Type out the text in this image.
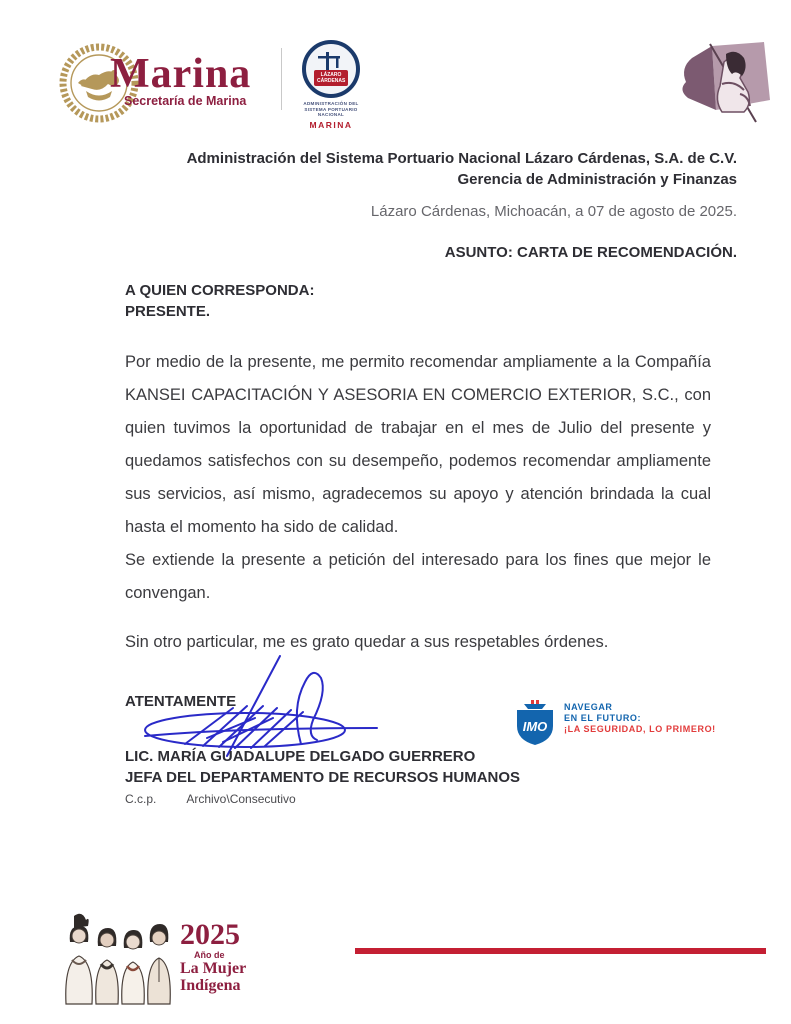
Marina
Secretaría de Marina
LÁZARO CÁRDENAS
ADMINISTRACIÓN DEL SISTEMA PORTUARIO NACIONAL
MARINA
Administración del Sistema Portuario Nacional Lázaro Cárdenas, S.A. de C.V.
Gerencia de Administración y Finanzas
Lázaro Cárdenas, Michoacán, a 07 de agosto de 2025.
ASUNTO: CARTA DE RECOMENDACIÓN.
A QUIEN CORRESPONDA:
PRESENTE.
Por medio de la presente, me permito recomendar ampliamente a la Compañía KANSEI CAPACITACIÓN Y ASESORIA EN COMERCIO EXTERIOR, S.C., con quien tuvimos la oportunidad de trabajar en el mes de Julio del presente y quedamos satisfechos con su desempeño, podemos recomendar ampliamente sus servicios, así mismo, agradecemos su apoyo y atención brindada la cual hasta el momento ha sido de calidad.
Se extiende la presente a petición del interesado para los fines que mejor le convengan.
Sin otro particular, me es grato quedar a sus respetables órdenes.
ATENTAMENTE
IMO
NAVEGAR
EN EL FUTURO:
¡LA SEGURIDAD, LO PRIMERO!
LIC. MARÍA GUADALUPE DELGADO GUERRERO
JEFA DEL DEPARTAMENTO DE RECURSOS HUMANOS
C.c.p.	Archivo\Consecutivo
2025
Año de
La Mujer
Indígena
